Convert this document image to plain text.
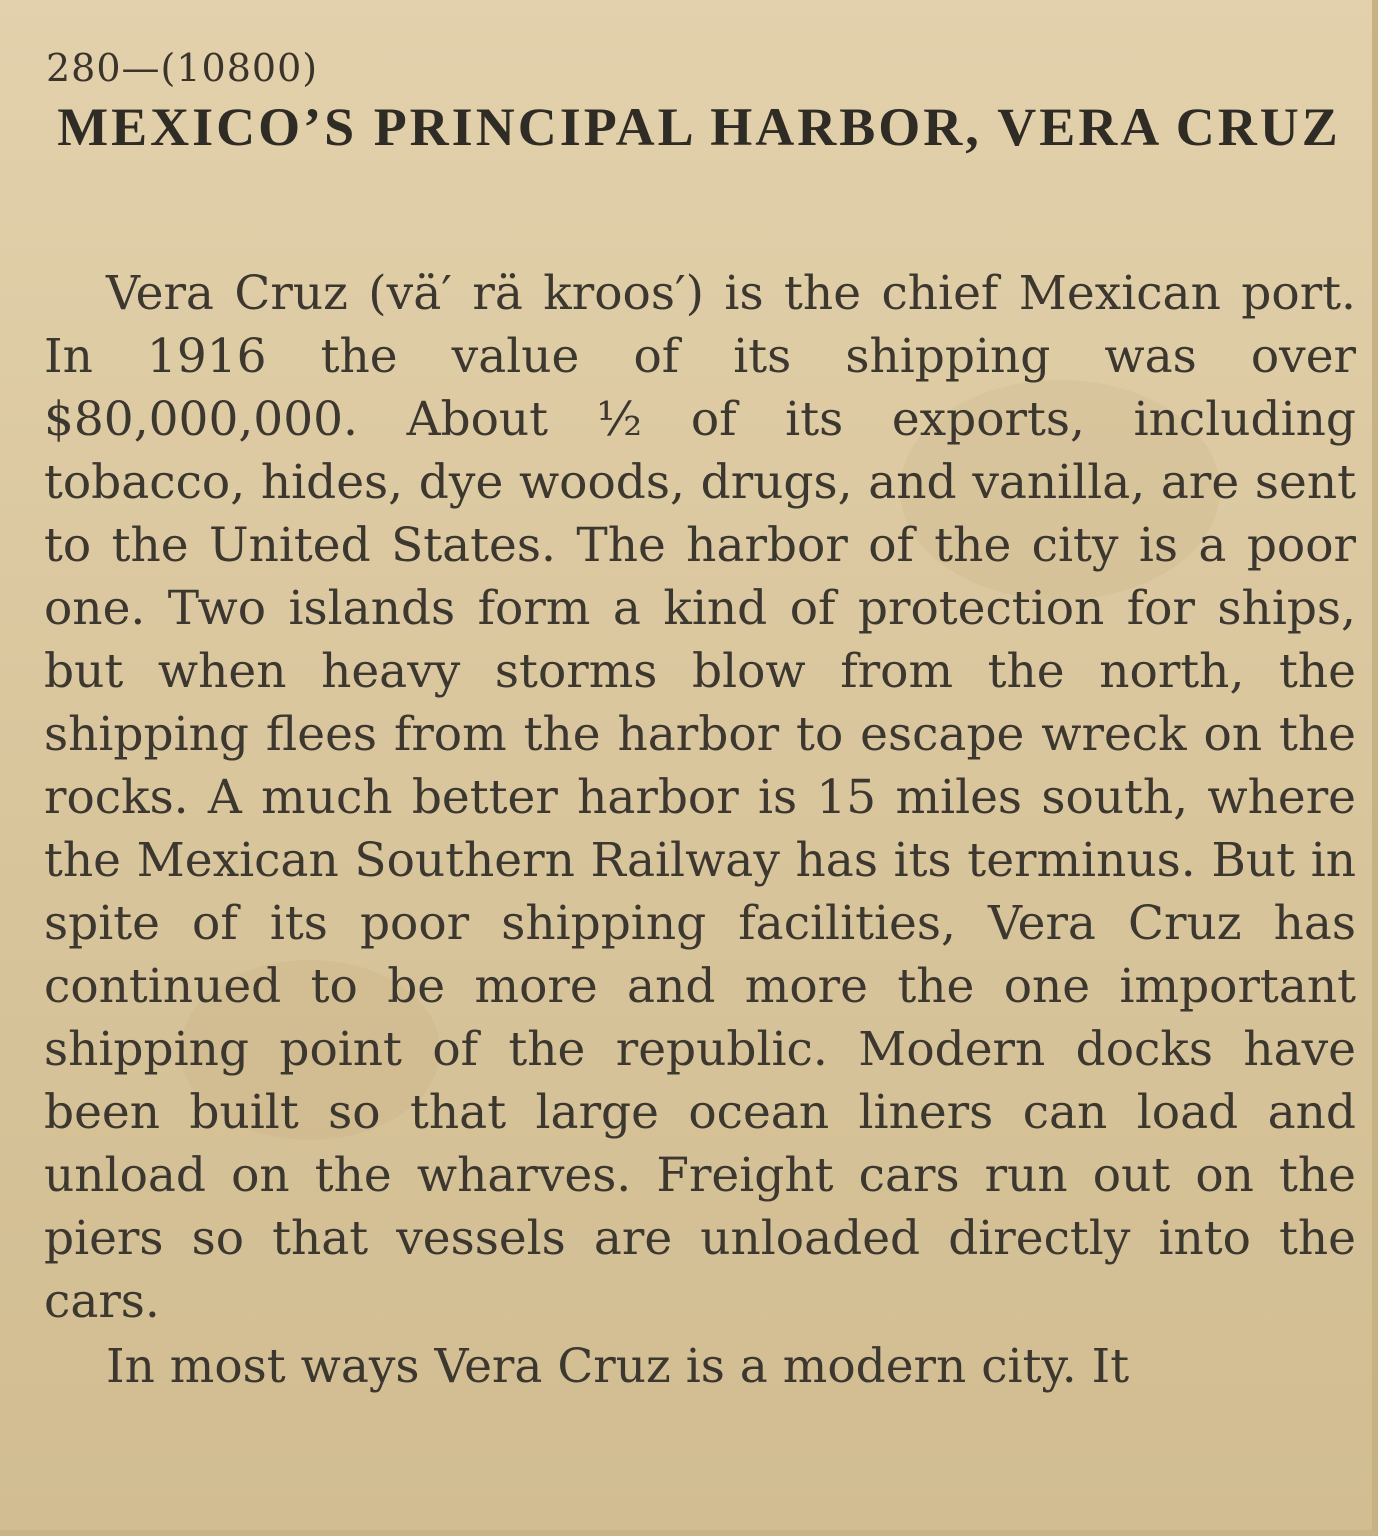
280—(10800)
MEXICO’S PRINCIPAL HARBOR, VERA CRUZ

Vera Cruz (vä′ rä kroos′) is the chief Mexican port. In 1916 the value of its shipping was over $80,000,000. About ½ of its exports, including tobacco, hides, dye woods, drugs, and vanilla, are sent to the United States. The harbor of the city is a poor one. Two islands form a kind of protection for ships, but when heavy storms blow from the north, the shipping flees from the harbor to escape wreck on the rocks. A much better harbor is 15 miles south, where the Mexican Southern Railway has its terminus. But in spite of its poor shipping facilities, Vera Cruz has continued to be more and more the one important shipping point of the republic. Modern docks have been built so that large ocean liners can load and unload on the wharves. Freight cars run out on the piers so that vessels are unloaded directly into the cars.

In most ways Vera Cruz is a modern city. It
